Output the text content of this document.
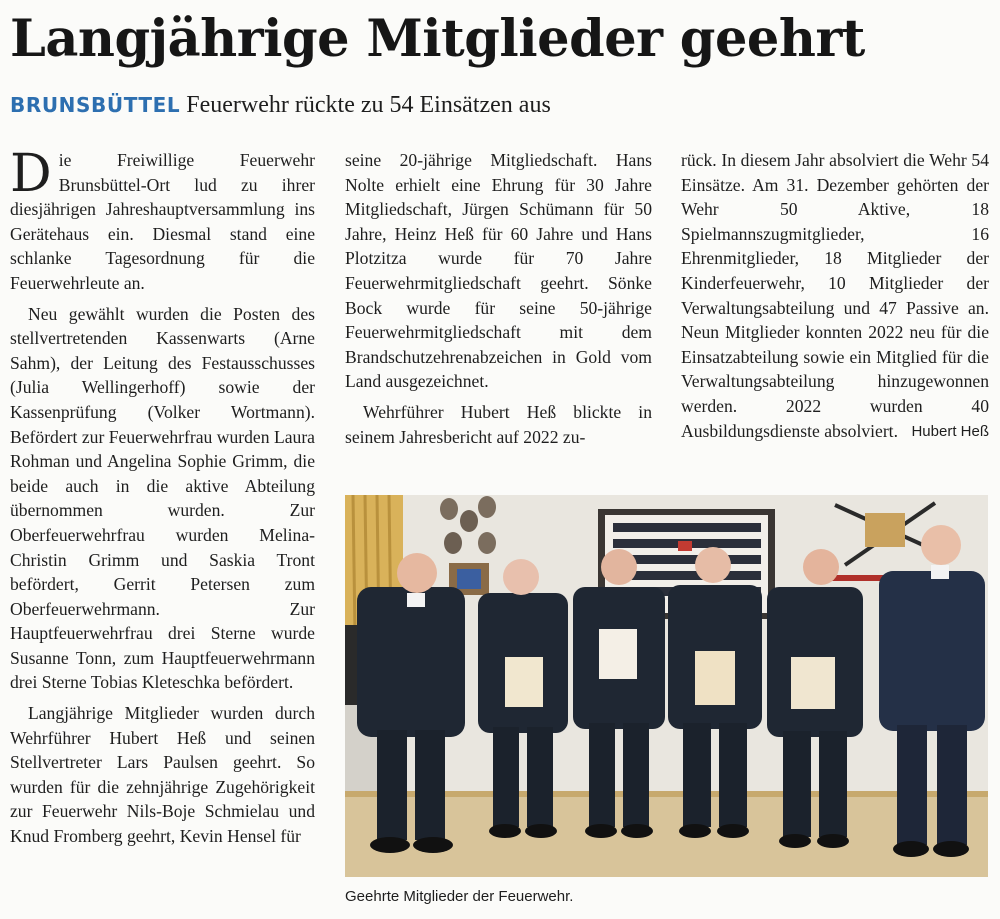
Langjährige Mitglieder geehrt
BRUNSBÜTTEL Feuerwehr rückte zu 54 Einsätzen aus

Die Freiwillige Feuerwehr Brunsbüttel-Ort lud zu ihrer diesjährigen Jahreshauptversammlung ins Gerätehaus ein. Diesmal stand eine schlanke Tagesordnung für die Feuerwehrleute an.

Neu gewählt wurden die Posten des stellvertretenden Kassenwarts (Arne Sahm), der Leitung des Festausschusses (Julia Wellingerhoff) sowie der Kassenprüfung (Volker Wortmann). Befördert zur Feuerwehrfrau wurden Laura Rohman und Angelina Sophie Grimm, die beide auch in die aktive Abteilung übernommen wurden. Zur Oberfeuerwehrfrau wurden Melina-Christin Grimm und Saskia Tront befördert, Gerrit Petersen zum Oberfeuerwehrmann. Zur Hauptfeuerwehrfrau drei Sterne wurde Susanne Tonn, zum Hauptfeuerwehrmann drei Sterne Tobias Kleteschka befördert.

Langjährige Mitglieder wurden durch Wehrführer Hubert Heß und seinen Stellvertreter Lars Paulsen geehrt. So wurden für die zehnjährige Zugehörigkeit zur Feuerwehr Nils-Boje Schmielau und Knud Fromberg geehrt, Kevin Hensel für

seine 20-jährige Mitgliedschaft. Hans Nolte erhielt eine Ehrung für 30 Jahre Mitgliedschaft, Jürgen Schümann für 50 Jahre, Heinz Heß für 60 Jahre und Hans Plotzitza wurde für 70 Jahre Feuerwehrmitgliedschaft geehrt. Sönke Bock wurde für seine 50-jährige Feuerwehrmitgliedschaft mit dem Brandschutzehrenabzeichen in Gold vom Land ausgezeichnet.

Wehrführer Hubert Heß blickte in seinem Jahresbericht auf 2022 zu-

rück. In diesem Jahr absolviert die Wehr 54 Einsätze. Am 31. Dezember gehörten der Wehr 50 Aktive, 18 Spielmannszugmitglieder, 16 Ehrenmitglieder, 18 Mitglieder der Kinderfeuerwehr, 10 Mitglieder der Verwaltungsabteilung und 47 Passive an. Neun Mitglieder konnten 2022 neu für die Einsatzabteilung sowie ein Mitglied für die Verwaltungsabteilung hinzugewonnen werden. 2022 wurden 40 Ausbildungsdienste absolviert. Hubert Heß

Geehrte Mitglieder der Feuerwehr.
